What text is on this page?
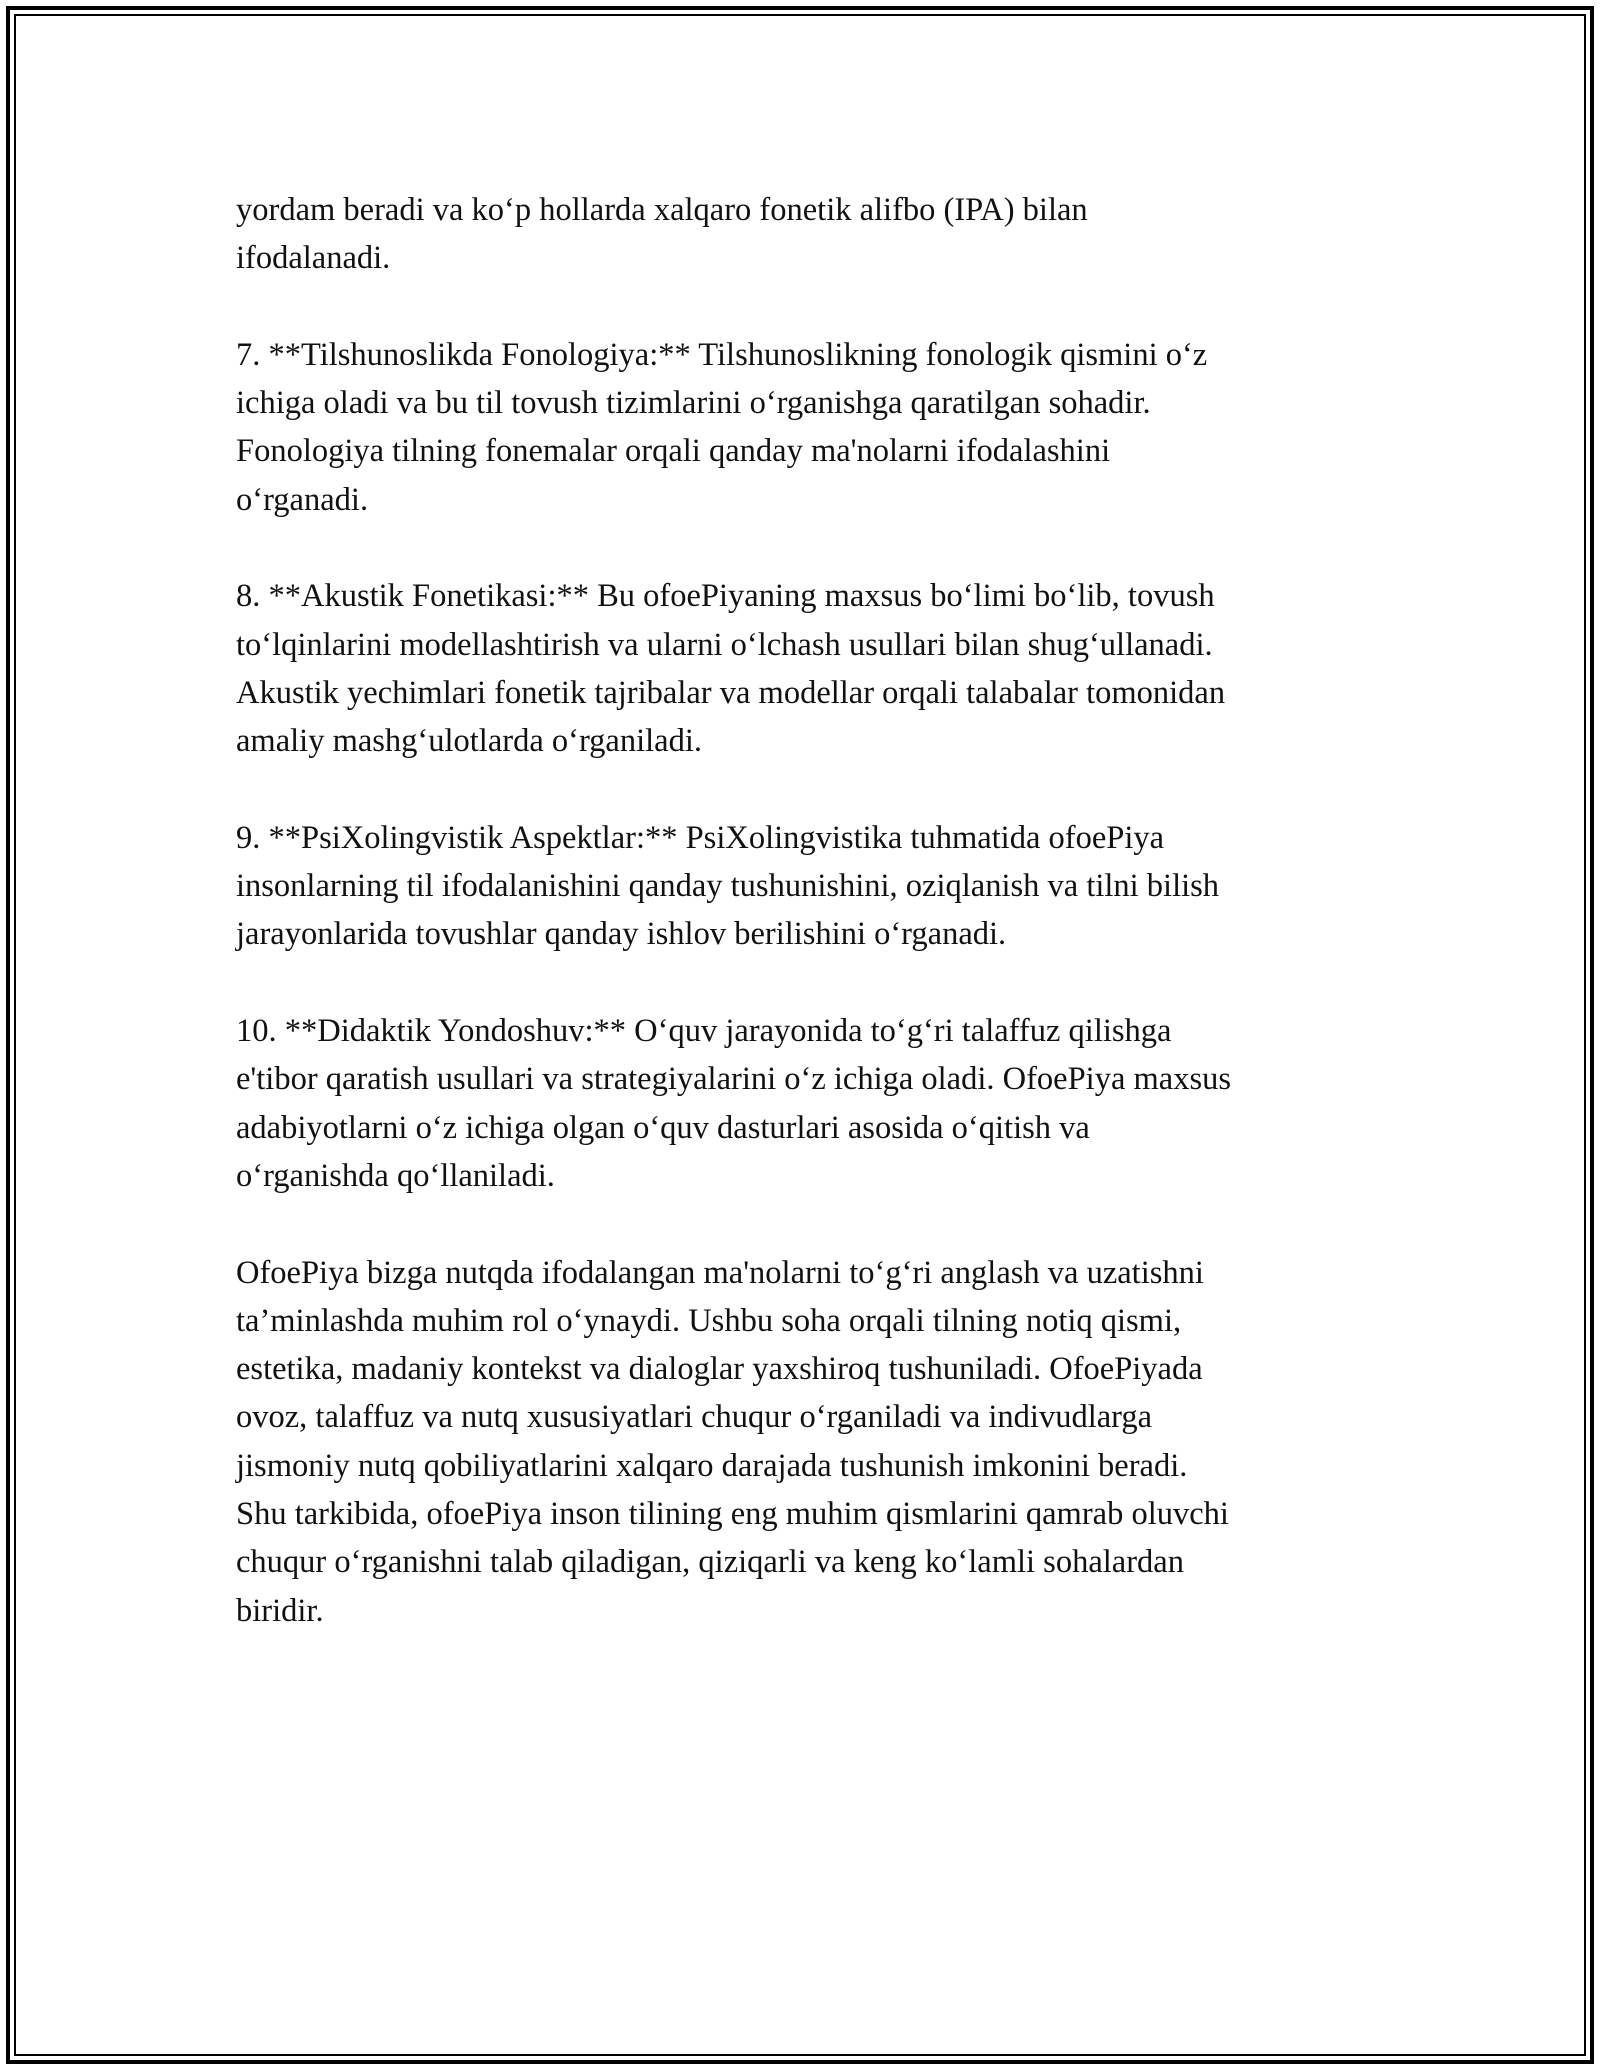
yordam beradi va koʻp hollarda xalqaro fonetik alifbo (IPA) bilan
ifodalanadi.

7. **Tilshunoslikda Fonologiya:** Tilshunoslikning fonologik qismini oʻz
ichiga oladi va bu til tovush tizimlarini oʻrganishga qaratilgan sohadir.
Fonologiya tilning fonemalar orqali qanday ma'nolarni ifodalashini
oʻrganadi.

8. **Akustik Fonetikasi:** Bu ofoePiyaning maxsus boʻlimi boʻlib, tovush
toʻlqinlarini modellashtirish va ularni oʻlchash usullari bilan shugʻullanadi.
Akustik yechimlari fonetik tajribalar va modellar orqali talabalar tomonidan
amaliy mashgʻulotlarda oʻrganiladi.

9. **PsiXolingvistik Aspektlar:** PsiXolingvistika tuhmatida ofoePiya
insonlarning til ifodalanishini qanday tushunishini, oziqlanish va tilni bilish
jarayonlarida tovushlar qanday ishlov berilishini oʻrganadi.

10. **Didaktik Yondoshuv:** Oʻquv jarayonida toʻgʻri talaffuz qilishga
e'tibor qaratish usullari va strategiyalarini oʻz ichiga oladi. OfoePiya maxsus
adabiyotlarni oʻz ichiga olgan oʻquv dasturlari asosida oʻqitish va
oʻrganishda qoʻllaniladi.

OfoePiya bizga nutqda ifodalangan ma'nolarni toʻgʻri anglash va uzatishni
ta’minlashda muhim rol oʻynaydi. Ushbu soha orqali tilning notiq qismi,
estetika, madaniy kontekst va dialoglar yaxshiroq tushuniladi. OfoePiyada
ovoz, talaffuz va nutq xususiyatlari chuqur oʻrganiladi va indivudlarga
jismoniy nutq qobiliyatlarini xalqaro darajada tushunish imkonini beradi.
Shu tarkibida, ofoePiya inson tilining eng muhim qismlarini qamrab oluvchi
chuqur oʻrganishni talab qiladigan, qiziqarli va keng koʻlamli sohalardan
biridir.
